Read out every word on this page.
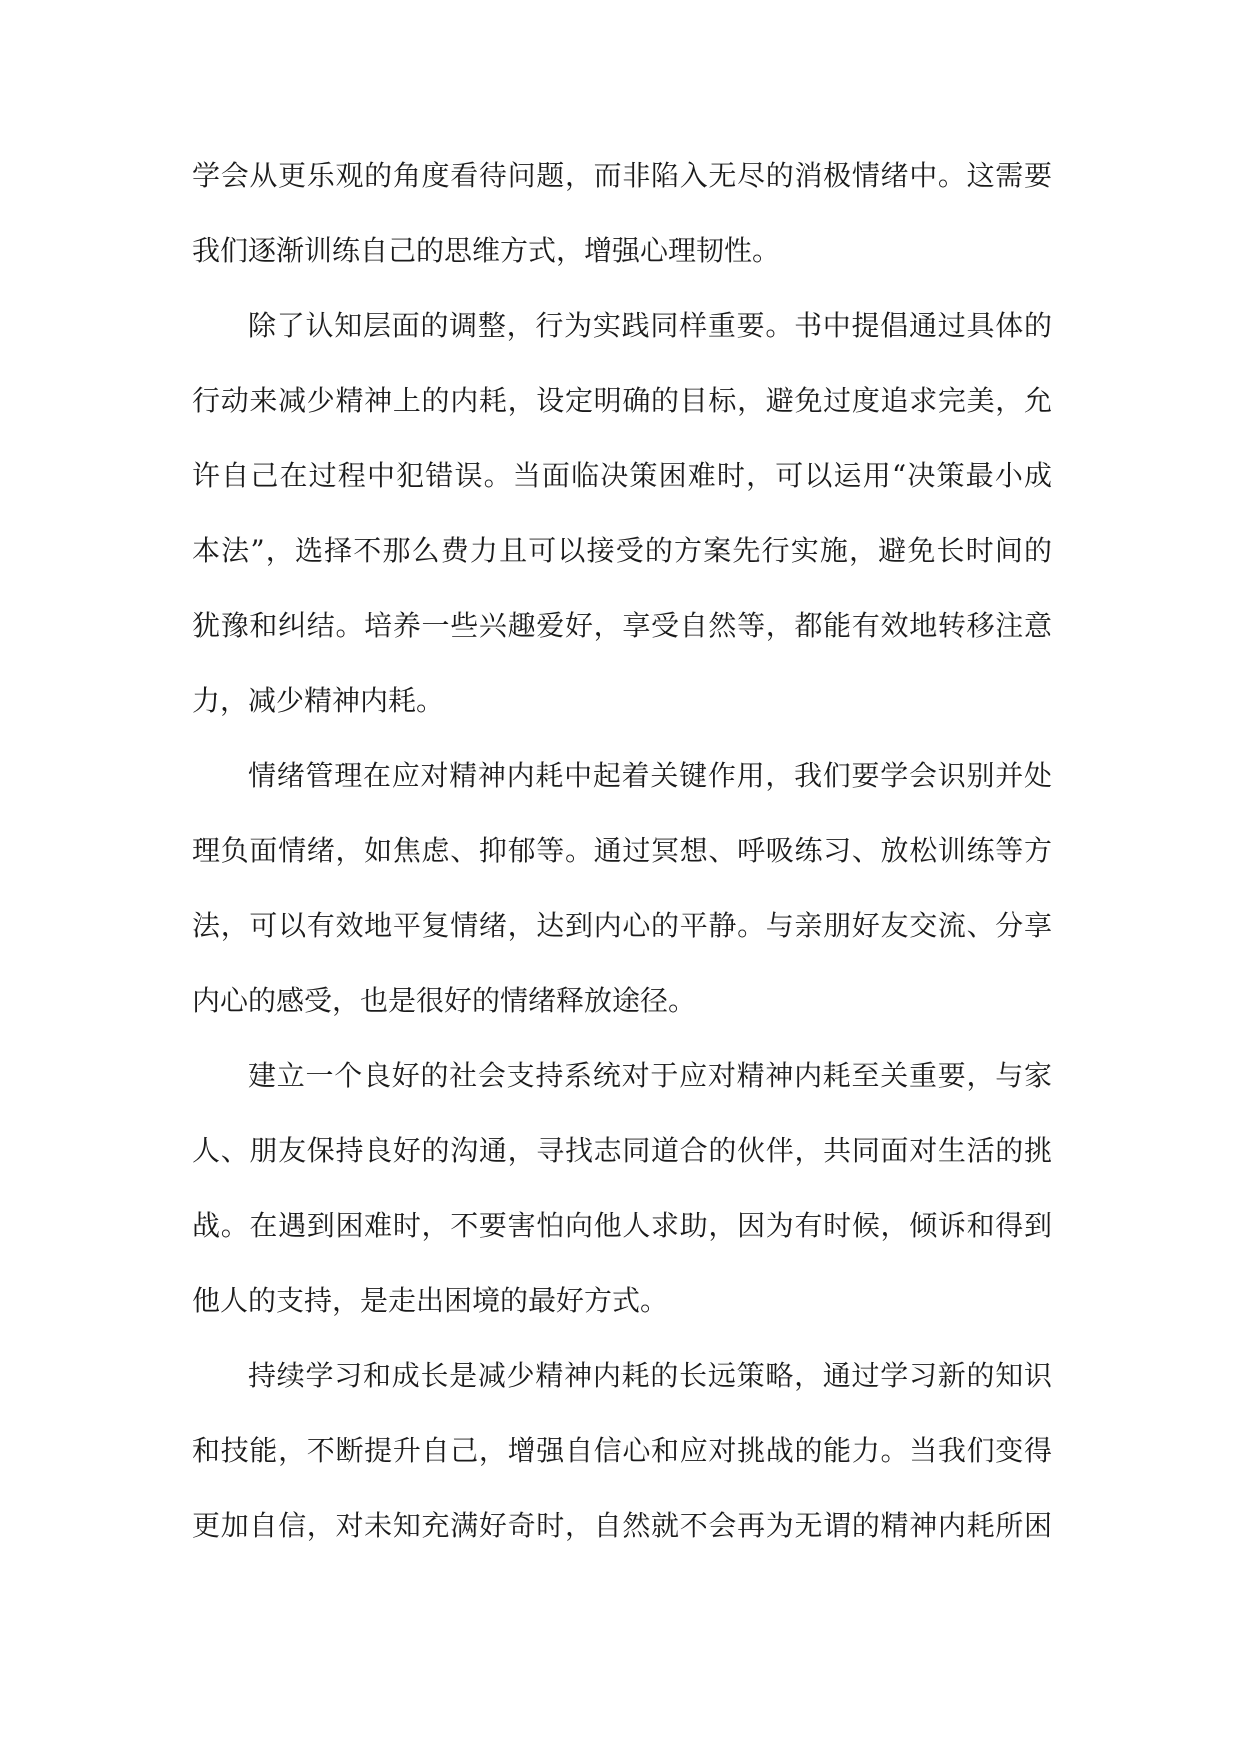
学会从更乐观的角度看待问题，而非陷入无尽的消极情绪中。这需要
我们逐渐训练自己的思维方式，增强心理韧性。
除了认知层面的调整，行为实践同样重要。书中提倡通过具体的
行动来减少精神上的内耗，设定明确的目标，避免过度追求完美，允
许自己在过程中犯错误。当面临决策困难时，可以运用“决策最小成
本法”，选择不那么费力且可以接受的方案先行实施，避免长时间的
犹豫和纠结。培养一些兴趣爱好，享受自然等，都能有效地转移注意
力，减少精神内耗。
情绪管理在应对精神内耗中起着关键作用，我们要学会识别并处
理负面情绪，如焦虑、抑郁等。通过冥想、呼吸练习、放松训练等方
法，可以有效地平复情绪，达到内心的平静。与亲朋好友交流、分享
内心的感受，也是很好的情绪释放途径。
建立一个良好的社会支持系统对于应对精神内耗至关重要，与家
人、朋友保持良好的沟通，寻找志同道合的伙伴，共同面对生活的挑
战。在遇到困难时，不要害怕向他人求助，因为有时候，倾诉和得到
他人的支持，是走出困境的最好方式。
持续学习和成长是减少精神内耗的长远策略，通过学习新的知识
和技能，不断提升自己，增强自信心和应对挑战的能力。当我们变得
更加自信，对未知充满好奇时，自然就不会再为无谓的精神内耗所困
